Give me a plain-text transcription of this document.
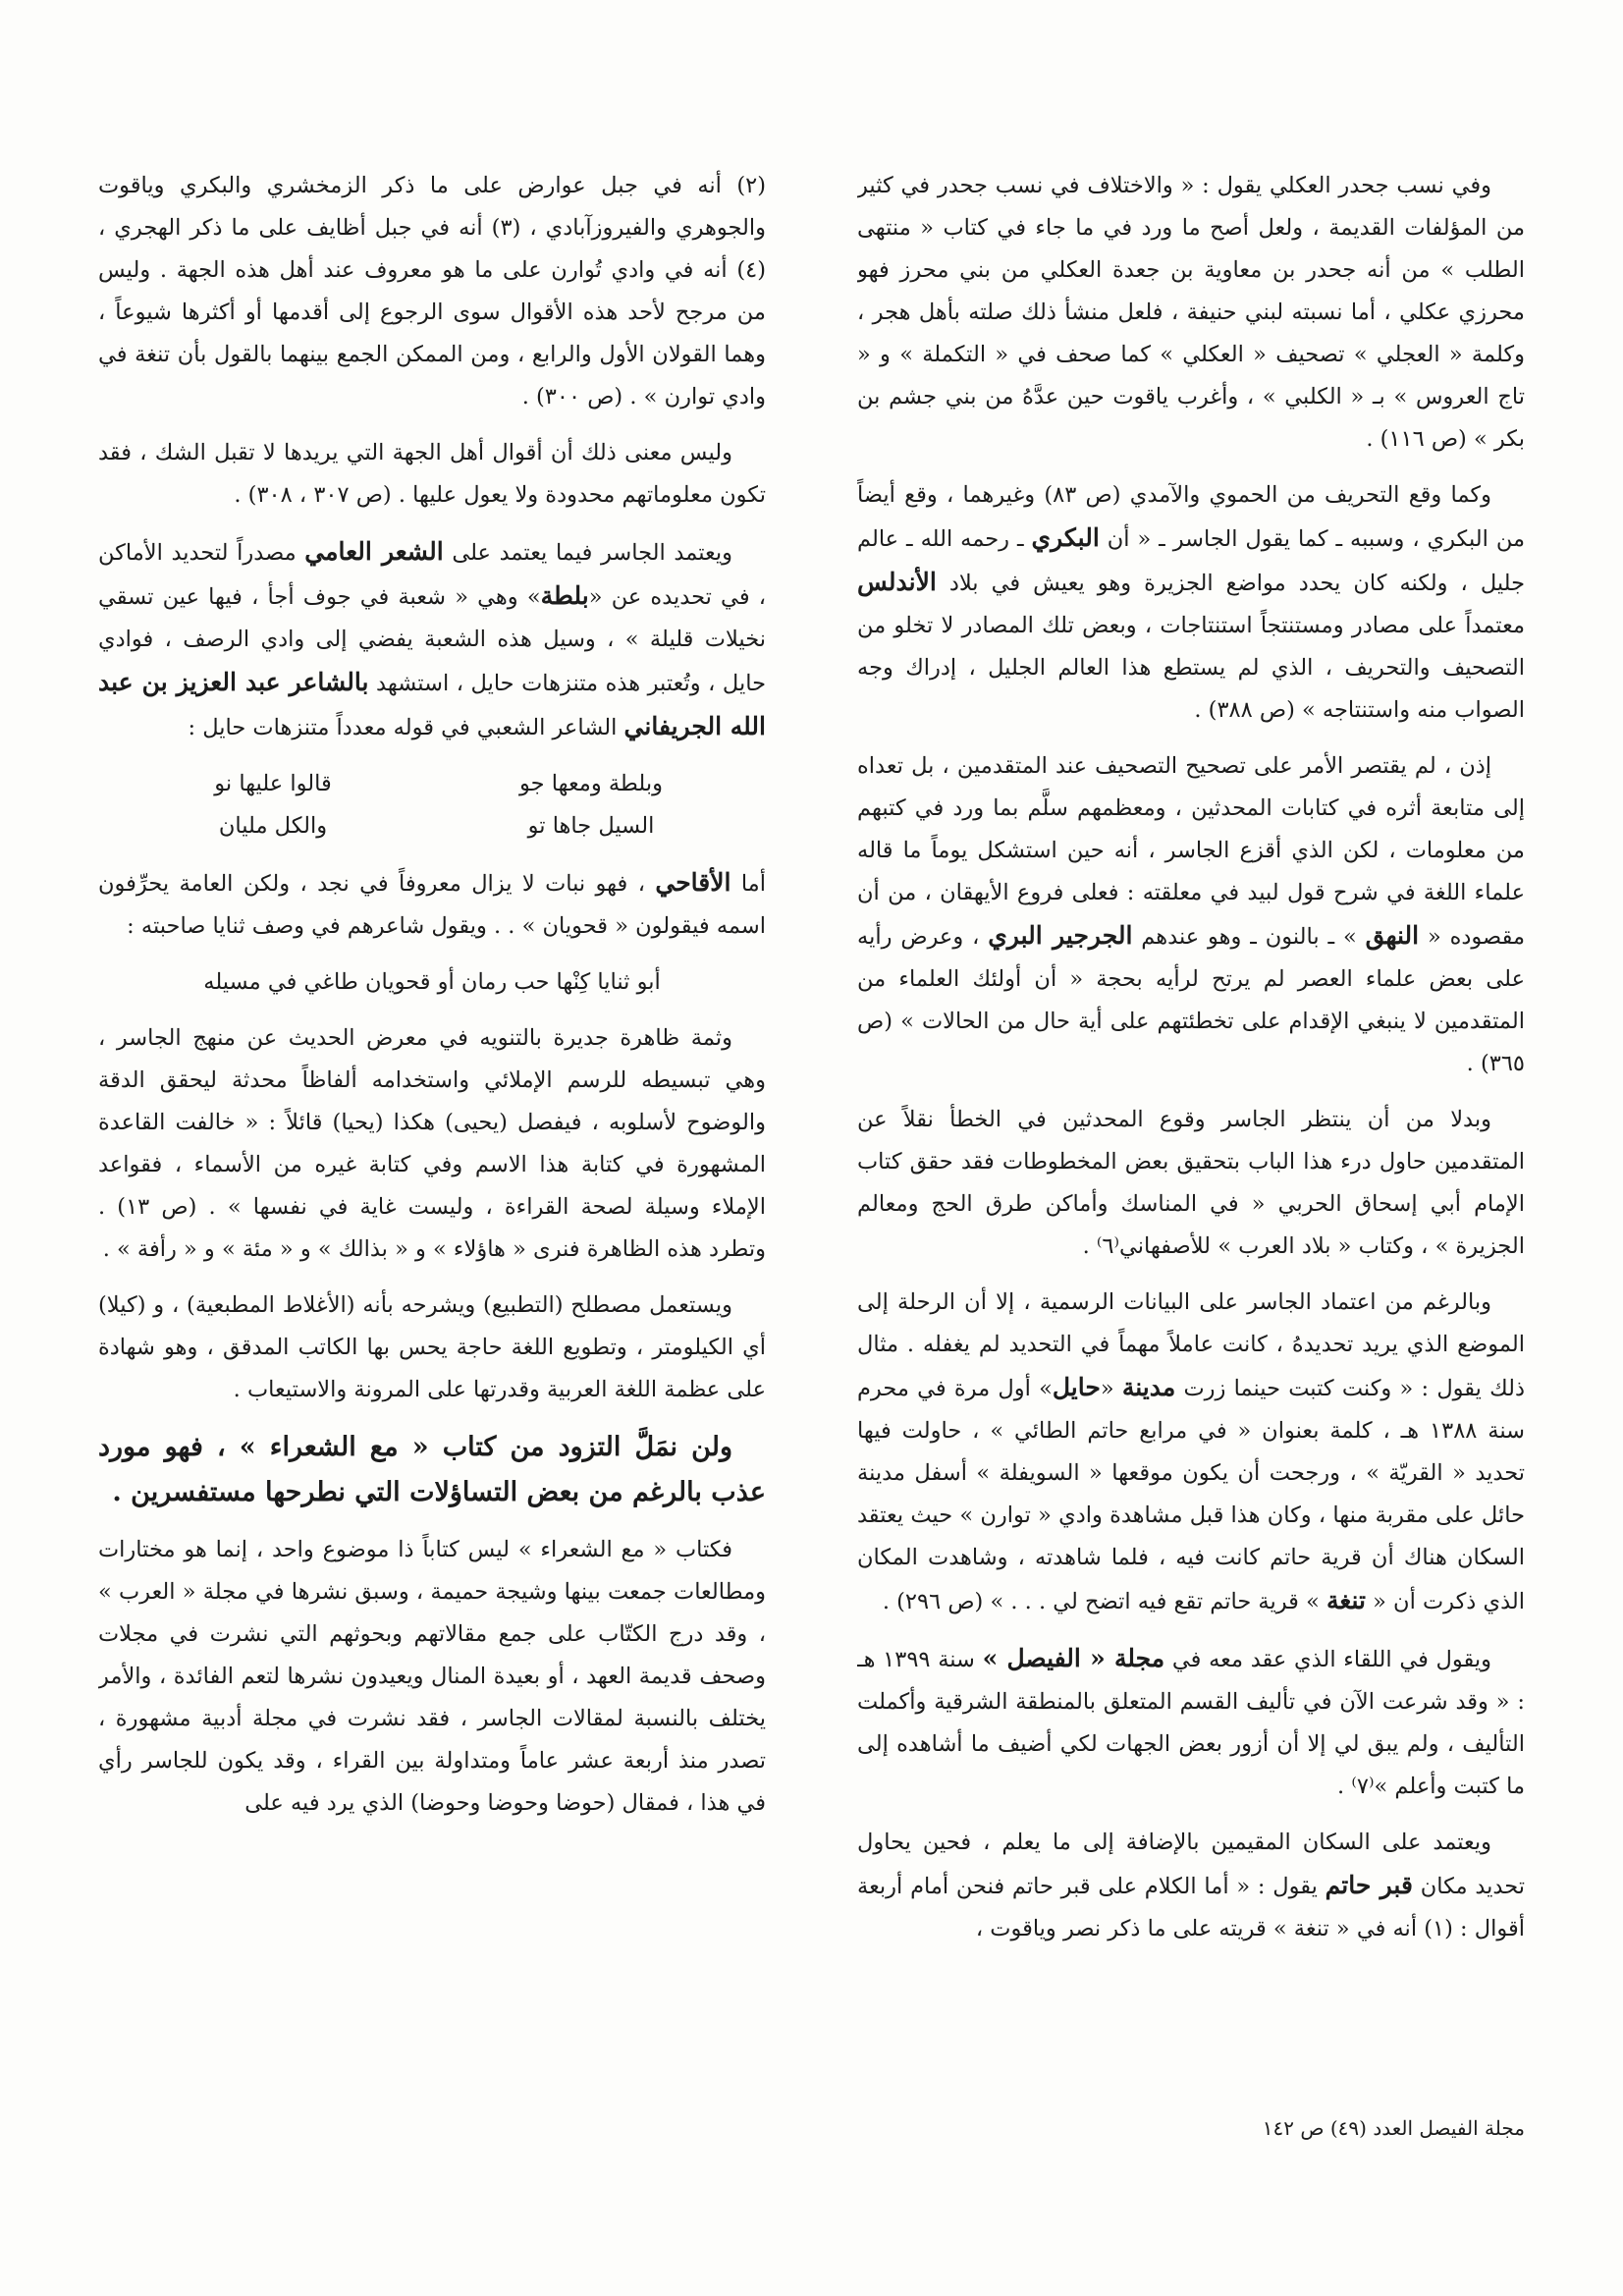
وفي نسب جحدر العكلي يقول : « والاختلاف في نسب جحدر في كثير من المؤلفات القديمة ، ولعل أصح ما ورد في ما جاء في كتاب « منتهى الطلب » من أنه جحدر بن معاوية بن جعدة العكلي من بني محرز فهو محرزي عكلي ، أما نسبته لبني حنيفة ، فلعل منشأ ذلك صلته بأهل هجر ، وكلمة « العجلي » تصحيف « العكلي » كما صحف في « التكملة » و « تاج العروس » بـ « الكلبي » ، وأغرب ياقوت حين عدَّهُ من بني جشم بن بكر » (ص ١١٦) .

وكما وقع التحريف من الحموي والآمدي (ص ٨٣) وغيرهما ، وقع أيضاً من البكري ، وسببه ـ كما يقول الجاسر ـ « أن البكري ـ رحمه الله ـ عالم جليل ، ولكنه كان يحدد مواضع الجزيرة وهو يعيش في بلاد الأندلس معتمداً على مصادر ومستنتجاً استنتاجات ، وبعض تلك المصادر لا تخلو من التصحيف والتحريف ، الذي لم يستطع هذا العالم الجليل ، إدراك وجه الصواب منه واستنتاجه » (ص ٣٨٨) .

إذن ، لم يقتصر الأمر على تصحيح التصحيف عند المتقدمين ، بل تعداه إلى متابعة أثره في كتابات المحدثين ، ومعظمهم سلَّم بما ورد في كتبهم من معلومات ، لكن الذي أقزع الجاسر ، أنه حين استشكل يوماً ما قاله علماء اللغة في شرح قول لبيد في معلقته : فعلى فروع الأيهقان ، من أن مقصوده « النهق » ـ بالنون ـ وهو عندهم الجرجير البري ، وعرض رأيه على بعض علماء العصر لم يرتح لرأيه بحجة « أن أولئك العلماء من المتقدمين لا ينبغي الإقدام على تخطئتهم على أية حال من الحالات » (ص ٣٦٥) .

وبدلا من أن ينتظر الجاسر وقوع المحدثين في الخطأ نقلاً عن المتقدمين حاول درء هذا الباب بتحقيق بعض المخطوطات فقد حقق كتاب الإمام أبي إسحاق الحربي « في المناسك وأماكن طرق الحج ومعالم الجزيرة » ، وكتاب « بلاد العرب » للأصفهاني⁽٦⁾ .

وبالرغم من اعتماد الجاسر على البيانات الرسمية ، إلا أن الرحلة إلى الموضع الذي يريد تحديدهُ ، كانت عاملاً مهماً في التحديد لم يغفله . مثال ذلك يقول : « وكنت كتبت حينما زرت مدينة «حايل» أول مرة في محرم سنة ١٣٨٨ هـ ، كلمة بعنوان « في مرابع حاتم الطائي » ، حاولت فيها تحديد « القريّة » ، ورجحت أن يكون موقعها « السويفلة » أسفل مدينة حائل على مقربة منها ، وكان هذا قبل مشاهدة وادي « توارن » حيث يعتقد السكان هناك أن قرية حاتم كانت فيه ، فلما شاهدته ، وشاهدت المكان الذي ذكرت أن « تنغة » قرية حاتم تقع فيه اتضح لي . . . » (ص ٢٩٦) .

ويقول في اللقاء الذي عقد معه في مجلة « الفيصل » سنة ١٣٩٩ هـ : « وقد شرعت الآن في تأليف القسم المتعلق بالمنطقة الشرقية وأكملت التأليف ، ولم يبق لي إلا أن أزور بعض الجهات لكي أضيف ما أشاهده إلى ما كتبت وأعلم »⁽٧⁾ .

ويعتمد على السكان المقيمين بالإضافة إلى ما يعلم ، فحين يحاول تحديد مكان قبر حاتم يقول : « أما الكلام على قبر حاتم فنحن أمام أربعة أقوال : (١) أنه في « تنغة » قريته على ما ذكر نصر وياقوت ،

(٢) أنه في جبل عوارض على ما ذكر الزمخشري والبكري وياقوت والجوهري والفيروزآبادي ، (٣) أنه في جبل أظايف على ما ذكر الهجري ، (٤) أنه في وادي تُوارن على ما هو معروف عند أهل هذه الجهة . وليس من مرجح لأحد هذه الأقوال سوى الرجوع إلى أقدمها أو أكثرها شيوعاً ، وهما القولان الأول والرابع ، ومن الممكن الجمع بينهما بالقول بأن تنغة في وادي توارن » . (ص ٣٠٠) .

وليس معنى ذلك أن أقوال أهل الجهة التي يريدها لا تقبل الشك ، فقد تكون معلوماتهم محدودة ولا يعول عليها . (ص ٣٠٧ ، ٣٠٨) .

ويعتمد الجاسر فيما يعتمد على الشعر العامي مصدراً لتحديد الأماكن ، في تحديده عن «بلطة» وهي « شعبة في جوف أجأ ، فيها عين تسقي نخيلات قليلة » ، وسيل هذه الشعبة يفضي إلى وادي الرصف ، فوادي حايل ، وتُعتبر هذه متنزهات حايل ، استشهد بالشاعر عبد العزيز بن عبد الله الجريفاني الشاعر الشعبي في قوله معدداً متنزهات حايل :

وبلطة ومعها جو
قالوا عليها نو
السيل جاها تو
والكل مليان

أما الأقاحي ، فهو نبات لا يزال معروفاً في نجد ، ولكن العامة يحرِّفون اسمه فيقولون « قحويان » . . ويقول شاعرهم في وصف ثنايا صاحبته :

أبو ثنايا كِنْها حب رمان أو قحويان طاغي في مسيله

وثمة ظاهرة جديرة بالتنويه في معرض الحديث عن منهج الجاسر ، وهي تبسيطه للرسم الإملائي واستخدامه ألفاظاً محدثة ليحقق الدقة والوضوح لأسلوبه ، فيفصل (يحيى) هكذا (يحيا) قائلاً : « خالفت القاعدة المشهورة في كتابة هذا الاسم وفي كتابة غيره من الأسماء ، فقواعد الإملاء وسيلة لصحة القراءة ، وليست غاية في نفسها » . (ص ١٣) . وتطرد هذه الظاهرة فنرى « هاؤلاء » و « بذالك » و « مئة » و « رأفة » .

ويستعمل مصطلح (التطبيع) ويشرحه بأنه (الأغلاط المطبعية) ، و (كيلا) أي الكيلومتر ، وتطويع اللغة حاجة يحس بها الكاتب المدقق ، وهو شهادة على عظمة اللغة العربية وقدرتها على المرونة والاستيعاب .

ولن نمَلَّ التزود من كتاب « مع الشعراء » ، فهو مورد عذب بالرغم من بعض التساؤلات التي نطرحها مستفسرين .

فكتاب « مع الشعراء » ليس كتاباً ذا موضوع واحد ، إنما هو مختارات ومطالعات جمعت بينها وشيجة حميمة ، وسبق نشرها في مجلة « العرب » ، وقد درج الكتّاب على جمع مقالاتهم وبحوثهم التي نشرت في مجلات وصحف قديمة العهد ، أو بعيدة المنال ويعيدون نشرها لتعم الفائدة ، والأمر يختلف بالنسبة لمقالات الجاسر ، فقد نشرت في مجلة أدبية مشهورة ، تصدر منذ أربعة عشر عاماً ومتداولة بين القراء ، وقد يكون للجاسر رأي في هذا ، فمقال (حوضا وحوضا وحوضا) الذي يرد فيه على

مجلة الفيصل العدد (٤٩) ص ١٤٢
